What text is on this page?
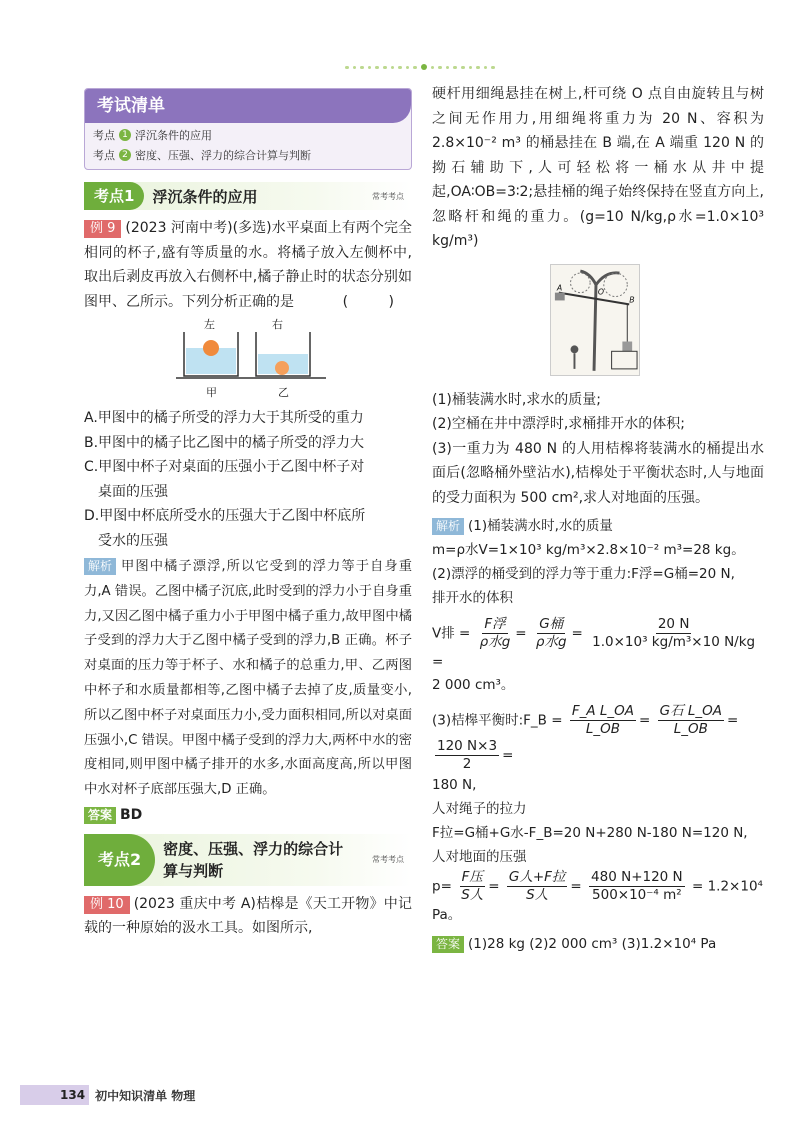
考试清单
考点 1 浮沉条件的应用
考点 2 密度、压强、浮力的综合计算与判断
考点1	浮沉条件的应用	常考考点
例 9 (2023 河南中考)(多选)水平桌面上有两个完全相同的杯子,盛有等质量的水。将橘子放入左侧杯中,取出后剥皮再放入右侧杯中,橘子静止时的状态分别如图甲、乙所示。下列分析正确的是	( )
左	右
甲	乙
A.甲图中的橘子所受的浮力大于其所受的重力
B.甲图中的橘子比乙图中的橘子所受的浮力大
C.甲图中杯子对桌面的压强小于乙图中杯子对
桌面的压强
D.甲图中杯底所受水的压强大于乙图中杯底所
受水的压强
解析 甲图中橘子漂浮,所以它受到的浮力等于自身重力,A 错误。乙图中橘子沉底,此时受到的浮力小于自身重力,又因乙图中橘子重力小于甲图中橘子重力,故甲图中橘子受到的浮力大于乙图中橘子受到的浮力,B 正确。杯子对桌面的压力等于杯子、水和橘子的总重力,甲、乙两图中杯子和水质量都相等,乙图中橘子去掉了皮,质量变小,所以乙图中杯子对桌面压力小,受力面积相同,所以对桌面压强小,C 错误。甲图中橘子受到的浮力大,两杯中水的密度相同,则甲图中橘子排开的水多,水面高度高,所以甲图中水对杯子底部压强大,D 正确。
答案 BD
考点2
密度、压强、浮力的综合计算与判断
常考考点
例 10 (2023 重庆中考 A)桔槔是《天工开物》中记载的一种原始的汲水工具。如图所示,
硬杆用细绳悬挂在树上,杆可绕 O 点自由旋转且与树之间无作用力,用细绳将重力为 20 N、容积为 2.8×10⁻² m³ 的桶悬挂在 B 端,在 A 端重 120 N 的拗石辅助下,人可轻松将一桶水从井中提起,OA∶OB=3∶2;悬挂桶的绳子始终保持在竖直方向上,忽略杆和绳的重力。(g=10 N/kg,ρ水=1.0×10³ kg/m³)
A	O
B
(1)桶装满水时,求水的质量;
(2)空桶在井中漂浮时,求桶排开水的体积;
(3)一重力为 480 N 的人用桔槔将装满水的桶提出水面后(忽略桶外壁沾水),桔槔处于平衡状态时,人与地面的受力面积为 500 cm²,求人对地面的压强。
解析 (1)桶装满水时,水的质量
m=ρ水V=1×10³ kg/m³×2.8×10⁻² m³=28 kg。
(2)漂浮的桶受到的浮力等于重力:F浮=G桶=20 N,
排开水的体积
V排 = $\frac{\text{F浮}}{\text{ρ水g}} = \frac{\text{G桶}}{\text{ρ水g}} = \frac{20 N}{\text{1.0×10³ kg/m³×10 N/kg}}$
=
2 000 cm³。
(3)桔槔平衡时:F_B = $\frac{\text{F\_A L\_OA}}{L\_OB} = \frac{\text{G石 L\_OA}}{L\_OB}$ =
$\frac{120 N\times 3}{2}$ =
180 N,
人对绳子的拉力
F拉=G桶+G水-F_B=20 N+280 N-180 N=120 N,
人对地面的压强
$p= \frac{\text{F压}}{\text{S人}} = \frac{\text{G人+F拉}}{\text{S人}} = \frac{480 N+120 N}{\text{500×10⁻⁴ m²}} = 1.2\times 10^4$ Pa。
答案 (1)28 kg (2)2 000 cm³ (3)1.2×10⁴ Pa
134 初中知识清单 物理
